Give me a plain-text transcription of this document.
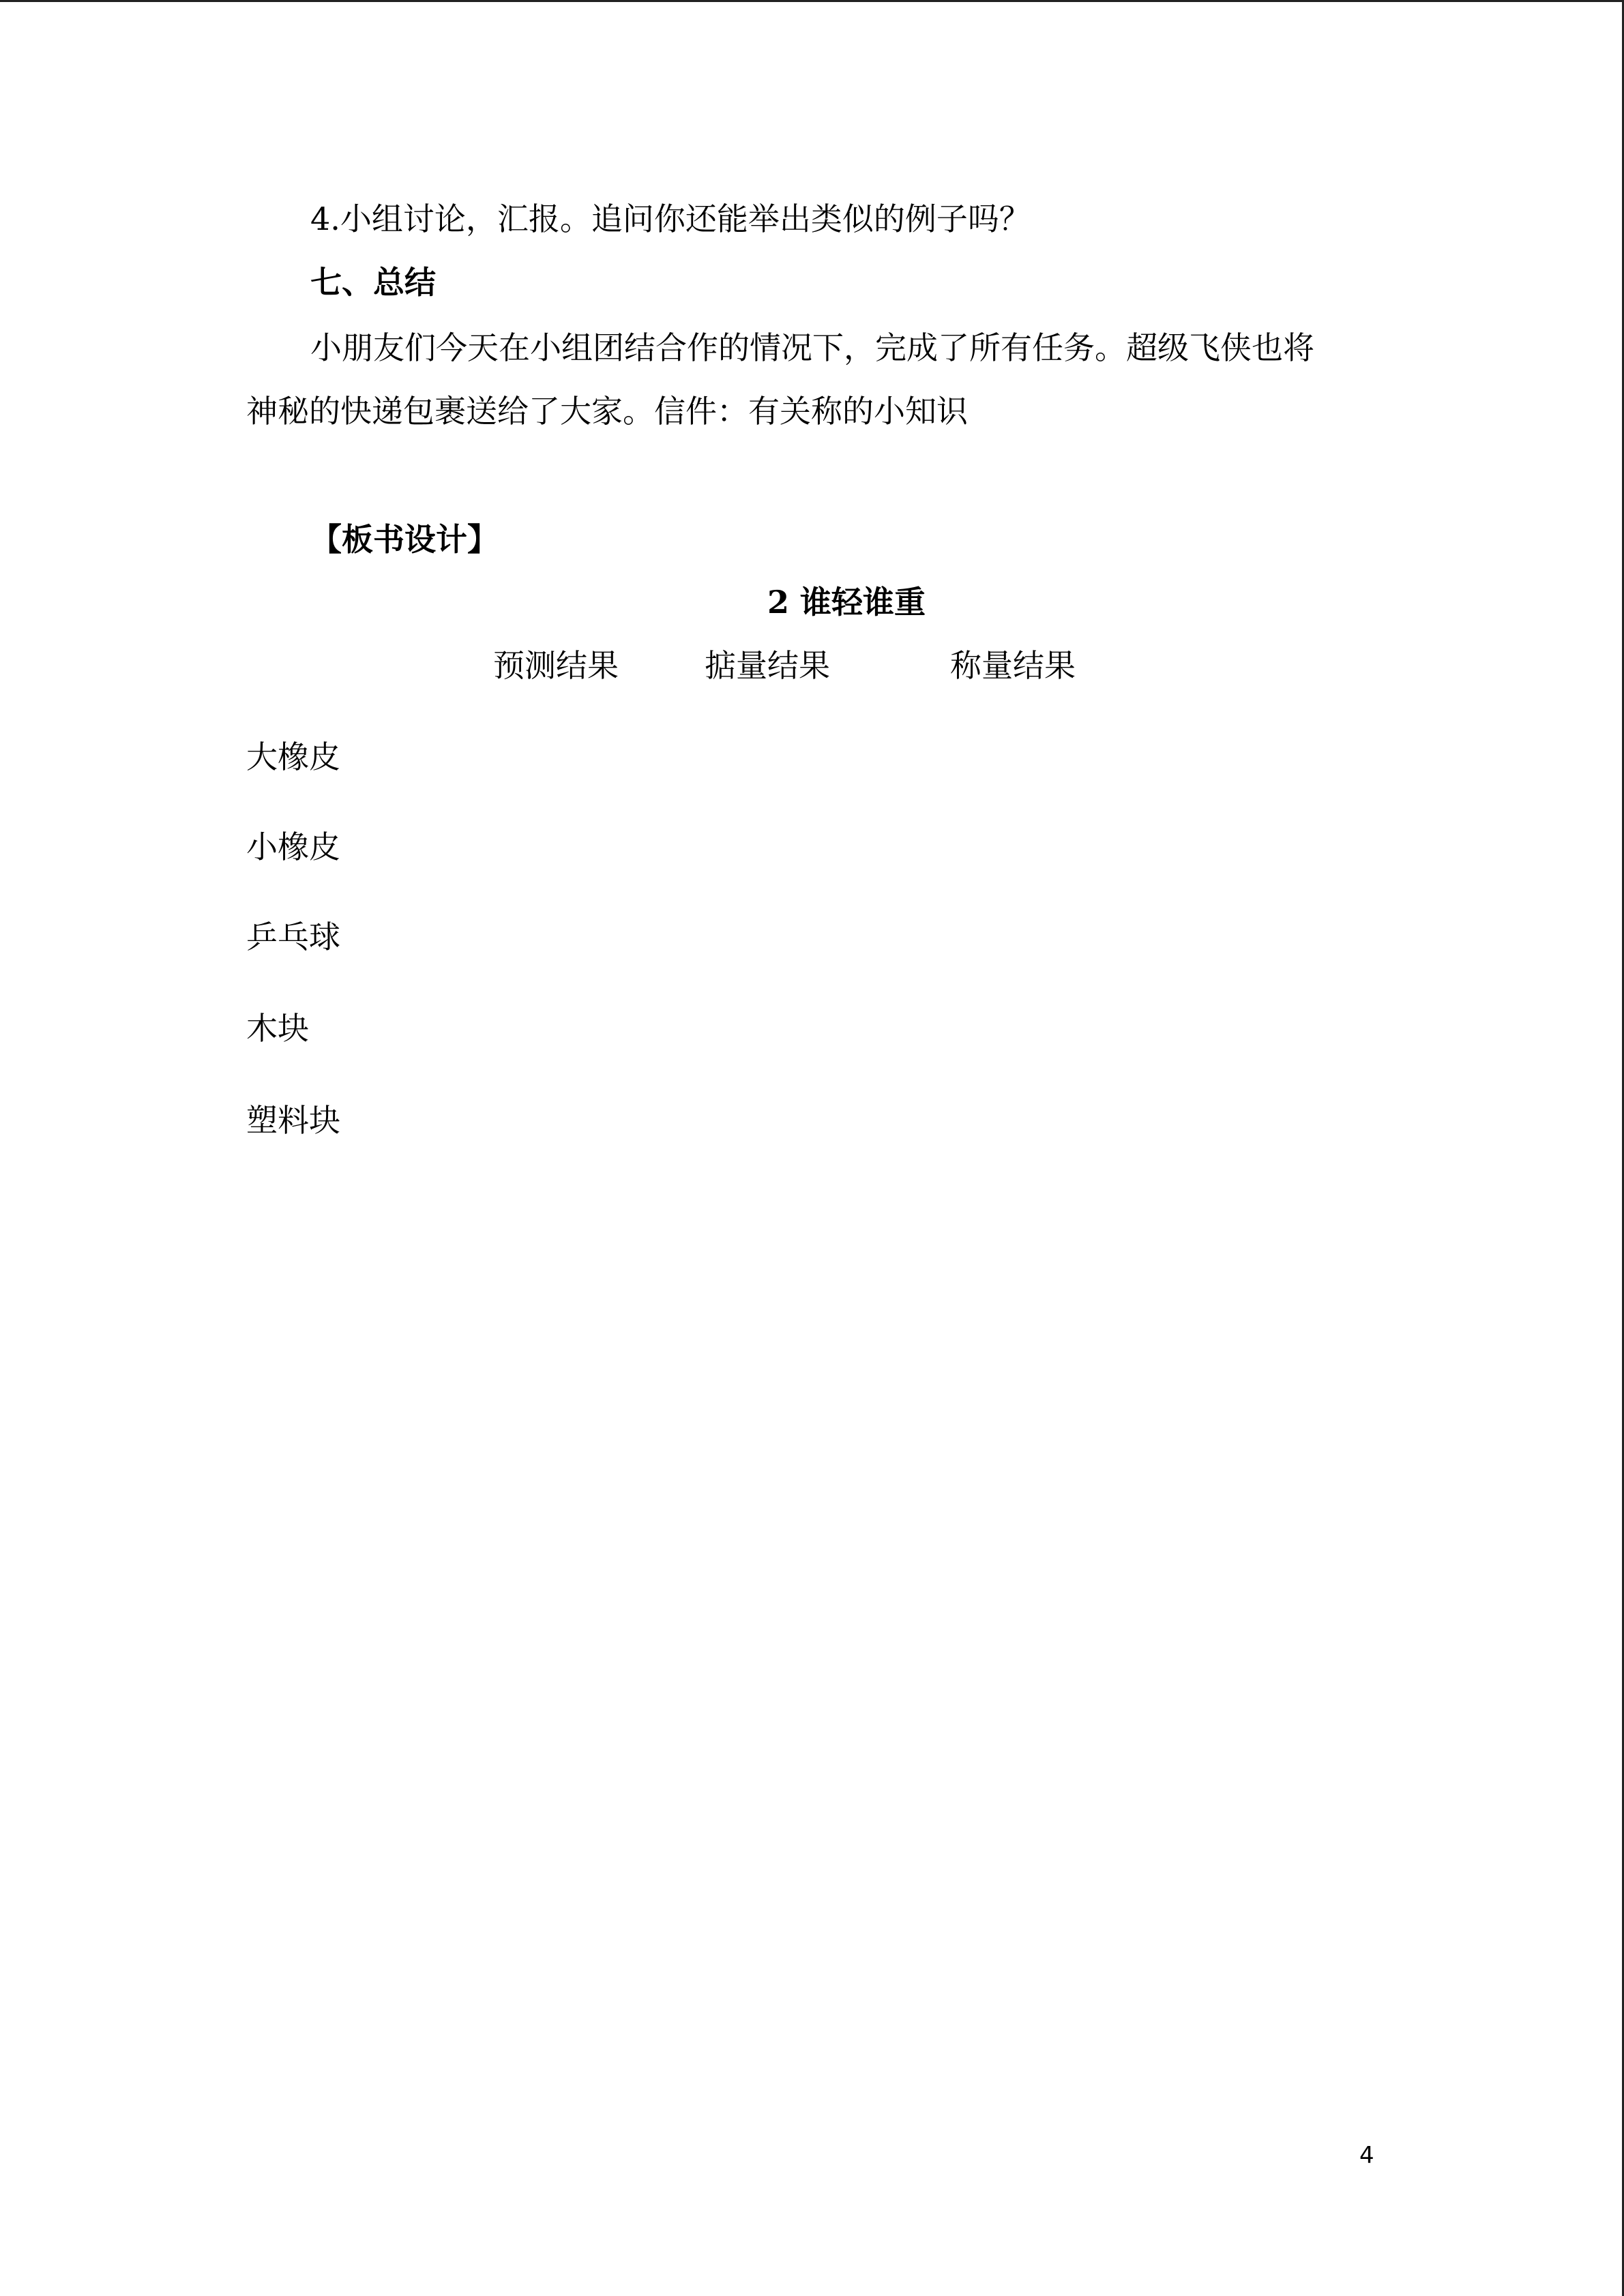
4.小组讨论，汇报。追问你还能举出类似的例子吗？
七、总结
小朋友们今天在小组团结合作的情况下，完成了所有任务。超级飞侠也将
神秘的快递包裹送给了大家。信件：有关称的小知识
【板书设计】
2 谁轻谁重
预测结果	掂量结果	称量结果
大橡皮
小橡皮
乒乓球
木块
塑料块
4
